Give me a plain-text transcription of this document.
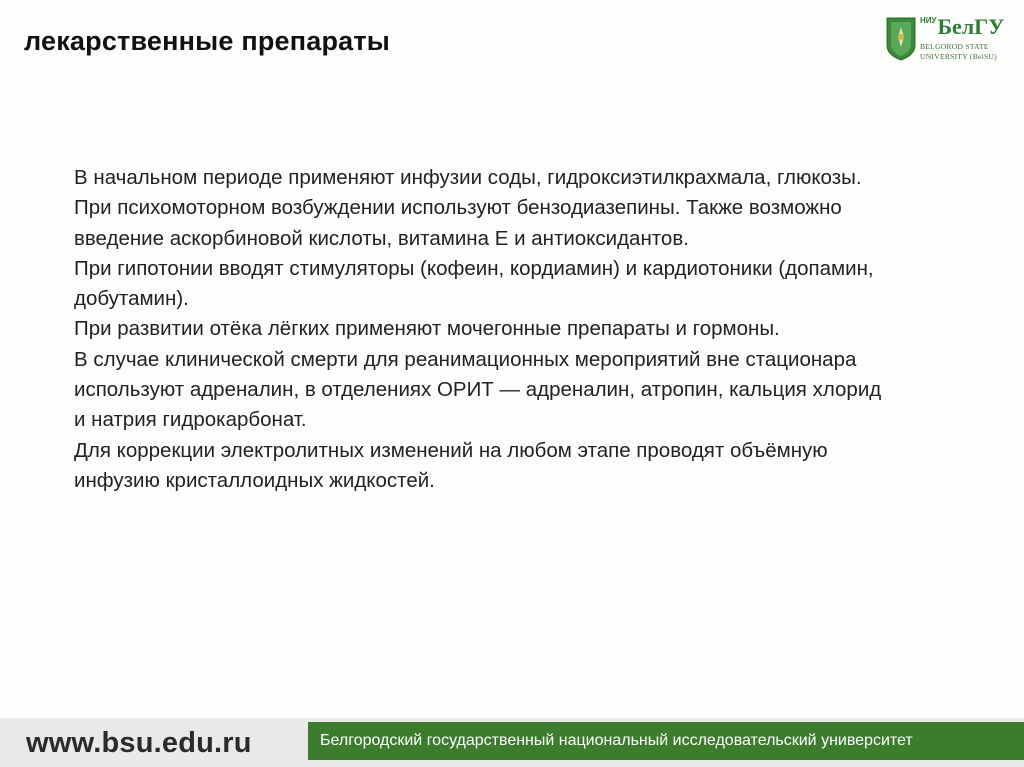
лекарственные препараты
НИУ Бел ГУ
BELGOROD STATE
UNIVERSITY (BelSU)

В начальном периоде применяют инфузии соды, гидроксиэтилкрахмала, глюкозы. При психомоторном возбуждении используют бензодиазепины. Также возможно введение аскорбиновой кислоты, витамина Е и антиоксидантов.

При гипотонии вводят стимуляторы (кофеин, кордиамин) и кардиотоники (допамин, добутамин).

При развитии отёка лёгких применяют мочегонные препараты и гормоны.

В случае клинической смерти для реанимационных мероприятий вне стационара используют адреналин, в отделениях ОРИТ — адреналин, атропин, кальция хлорид и натрия гидрокарбонат.

Для коррекции электролитных изменений на любом этапе проводят объёмную инфузию кристаллоидных жидкостей.

www.bsu.edu.ru	Белгородский государственный национальный исследовательский университет
